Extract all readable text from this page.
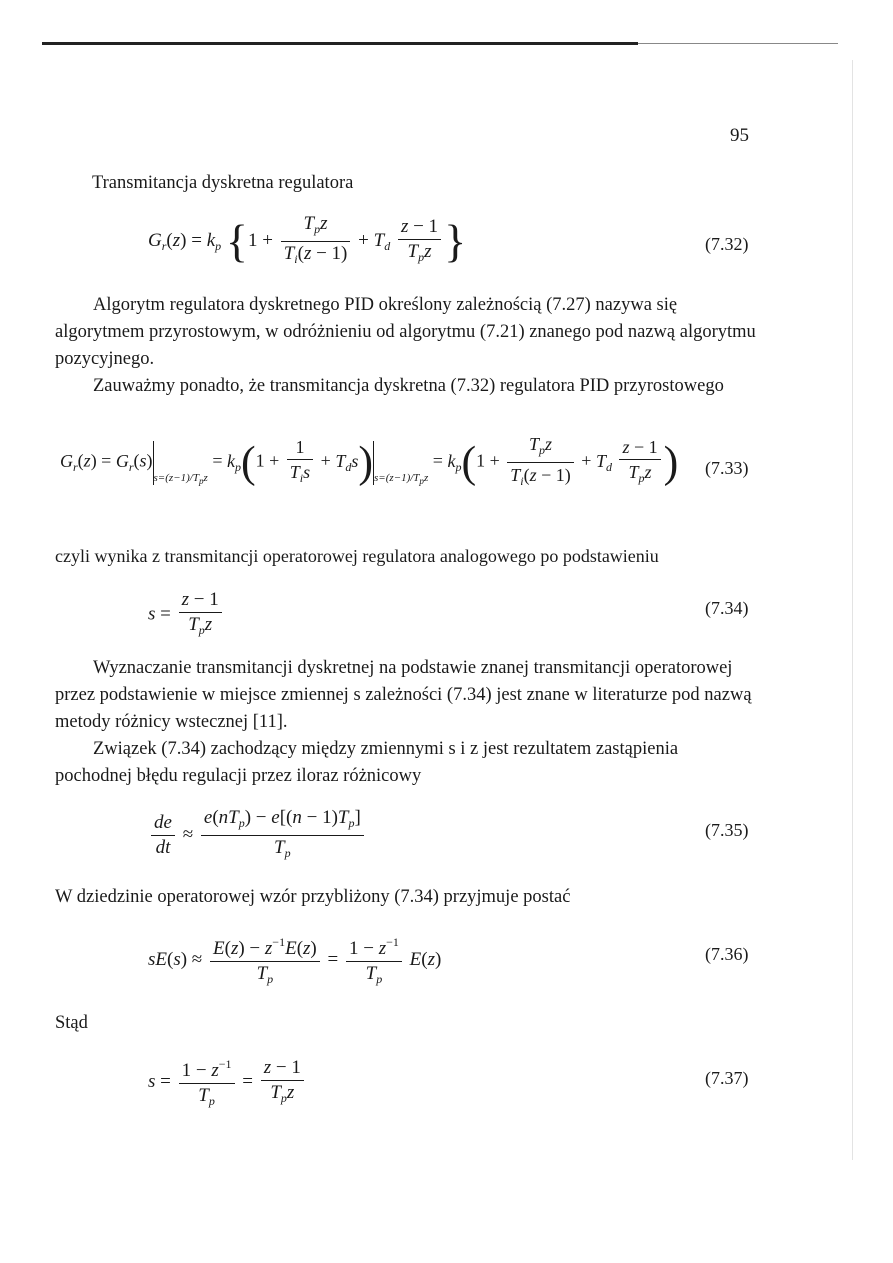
95
Transmitancja dyskretna regulatora
$G_r(z) = k_p$ {$1 + \frac{T_pz}{T_i(z - 1)} + T_d \frac{z - 1}{T_pz}$ }	(7.32)
Algorytm regulatora dyskretnego PID określony zależnością (7.27) nazywa się algorytmem przyrostowym, w odróżnieniu od algorytmu (7.21) znanego pod nazwą algorytmu pozycyjnego.
Zauważmy ponadto, że transmitancja dyskretna (7.32) regulatora PID przyrostowego
$G_r(z) = G_r(s)_{s=(z-1)/T_pz} = k_p(1 + \frac{1}{T_is} + T_ds)_{s=(z-1)/T_pz} = k_p(1 + \frac{T_pz}{T_i(z - 1)} + T_d \frac{z - 1}{T_pz}$ ) (7.33)
czyli wynika z transmitancji operatorowej regulatora analogowego po podstawieniu
$s = \frac{z - 1}{T_pz}$	(7.34)
Wyznaczanie transmitancji dyskretnej na podstawie znanej transmitancji operatorowej przez podstawienie w miejsce zmiennej s zależności (7.34) jest znane w literaturze pod nazwą metody różnicy wstecznej [11].
Związek (7.34) zachodzący między zmiennymi s i z jest rezultatem zastąpienia pochodnej błędu regulacji przez iloraz różnicowy
$\frac{de}{dt} \approx \frac{e(nT_p) - e[(n - 1)T_p]}{T_p}$	(7.35)
W dziedzinie operatorowej wzór przybliżony (7.34) przyjmuje postać
$sE(s) \approx \frac{E(z) - z^{-1}E(z)}{T_p} = \frac{1 - z^{-1}}{T_p} E(z)$	(7.36)
Stąd
$s = \frac{1 - z^{-1}}{T_p} = \frac{z - 1}{T_pz}$	(7.37)
